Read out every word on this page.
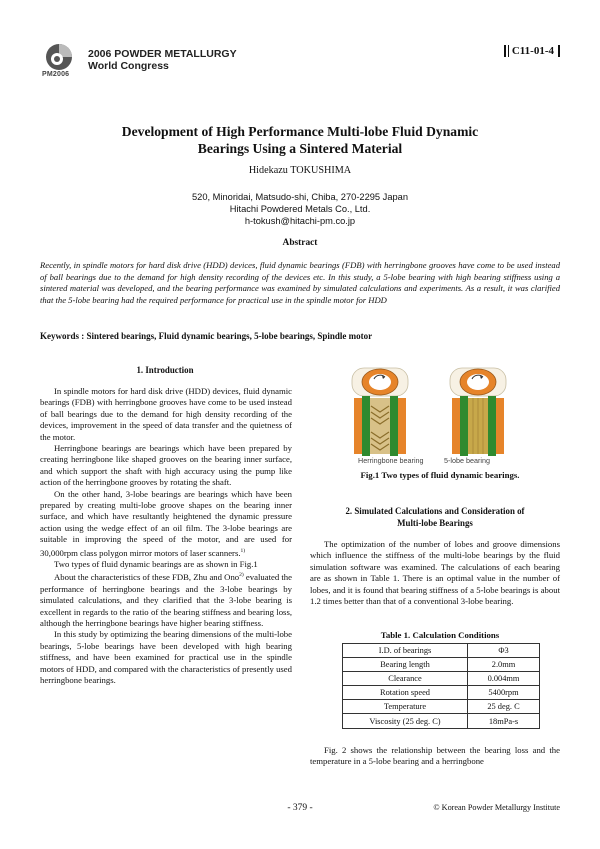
PM2006
2006 POWDER METALLURGY
World Congress
C11-01-4
Development of High Performance Multi-lobe Fluid Dynamic
Bearings Using a Sintered Material
Hidekazu TOKUSHIMA
520, Minoridai, Matsudo-shi, Chiba, 270-2295 Japan
Hitachi Powdered Metals Co., Ltd.
h-tokush@hitachi-pm.co.jp
Abstract
Recently, in spindle motors for hard disk drive (HDD) devices, fluid dynamic bearings (FDB) with herringbone grooves have come to be used instead of ball bearings due to the demand for high density recording of the devices etc. In this study, a 5-lobe bearing with high bearing stiffness using a sintered material was developed, and the bearing performance was examined by simulated calculations and experiments. As a result, it was clarified that the 5-lobe bearing had the required performance for practical use in the spindle motor for HDD
Keywords : Sintered bearings, Fluid dynamic bearings, 5-lobe bearings, Spindle motor
1. Introduction

In spindle motors for hard disk drive (HDD) devices, fluid dynamic bearings (FDB) with herringbone grooves have come to be used instead of ball bearings due to the demand for high density recording of the devices, improvement in the speed of data transfer and the quietness of the motor.

Herringbone bearings are bearings which have been prepared by creating herringbone like shaped grooves on the bearing inner surface, and which support the shaft with high accuracy using the pump like action of the herringbone grooves by rotating the shaft.

On the other hand, 3-lobe bearings are bearings which have been prepared by creating multi-lobe groove shapes on the bearing inner surface, and which have resultantly heightened the dynamic pressure action using the wedge effect of an oil film. The 3-lobe bearings are suitable in improving the speed of the motor, and are used for 30,000rpm class polygon mirror motors of laser scanners.$^{1)}$

Two types of fluid dynamic bearings are as shown in Fig.1

About the characteristics of these FDB, Zhu and Ono$^{2)}$ evaluated the performance of herringbone bearings and the 3-lobe bearings by simulated calculations, and they clarified that the 3-lobe bearing is excellent in regards to the ratio of the bearing stiffness and bearing loss, although the herringbone bearings have higher bearing stiffness.

In this study by optimizing the bearing dimensions of the multi-lobe bearings, 5-lobe bearings have been developed with high bearing stiffness, and have been examined for practical use in the spindle motors of HDD, and compared with the characteristics of presently used herringbone bearings.

Herringbone bearing	5-lobe bearing
Fig.1 Two types of fluid dynamic bearings.
2. Simulated Calculations and Consideration of
Multi-lobe Bearings

The optimization of the number of lobes and groove dimensions which influence the stiffness of the multi-lobe bearings by the fluid simulation software was examined. The calculations of each bearing are as shown in Table 1. There is an optimal value in the number of lobes, and it is found that bearing stiffness of a 5-lobe bearings is about 1.2 times better than that of a conventional 3-lobe bearing.

Table 1. Calculation Conditions
I.D. of bearings	Φ3
Bearing length	2.0mm
Clearance	0.004mm
Rotation speed	5400rpm
Temperature	25 deg. C
Viscosity (25 deg. C)	18mPa-s

Fig. 2 shows the relationship between the bearing loss and the temperature in a 5-lobe bearing and a herringbone

- 379 -	© Korean Powder Metallurgy Institute
